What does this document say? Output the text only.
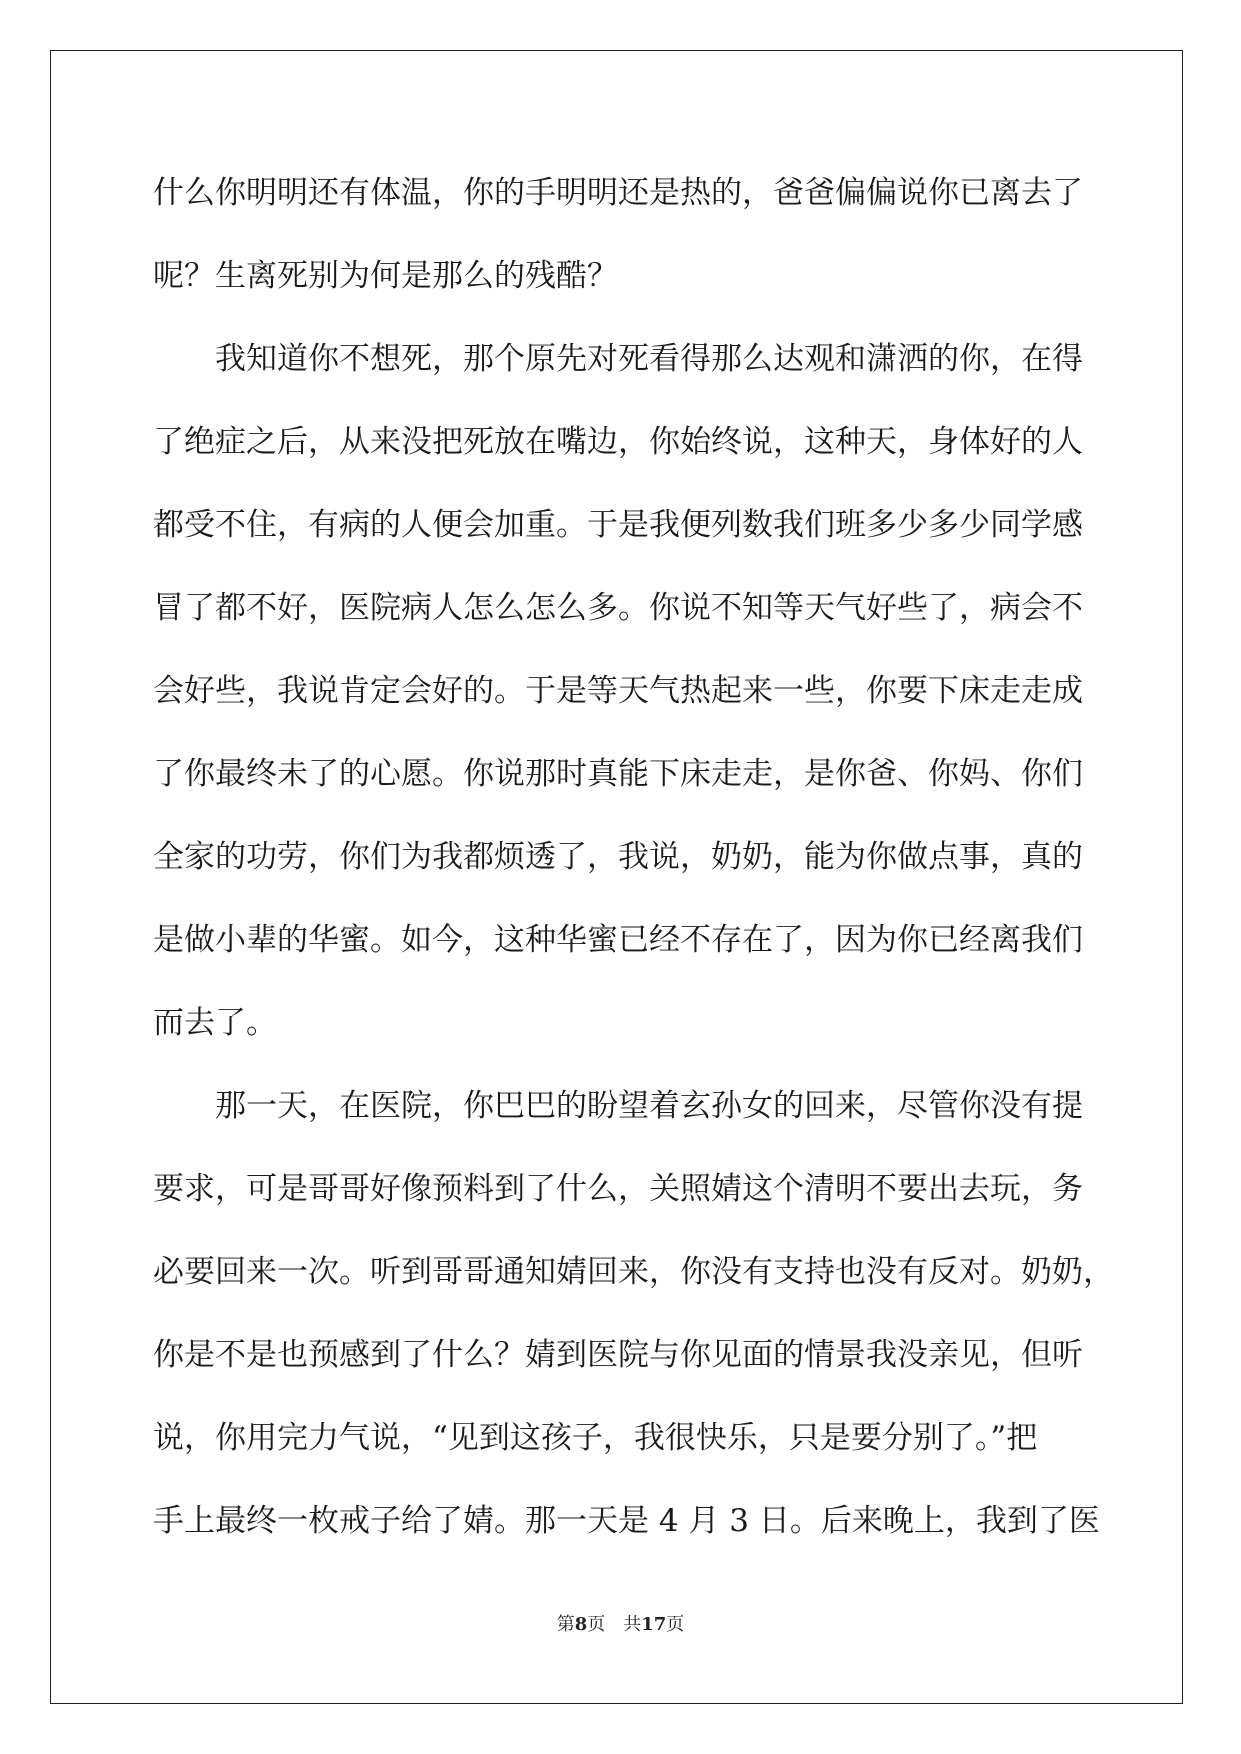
什么你明明还有体温，你的手明明还是热的，爸爸偏偏说你已离去了
呢？生离死别为何是那么的残酷？
我知道你不想死，那个原先对死看得那么达观和潇洒的你，在得
了绝症之后，从来没把死放在嘴边，你始终说，这种天，身体好的人
都受不住，有病的人便会加重。于是我便列数我们班多少多少同学感
冒了都不好，医院病人怎么怎么多。你说不知等天气好些了，病会不
会好些，我说肯定会好的。于是等天气热起来一些，你要下床走走成
了你最终未了的心愿。你说那时真能下床走走，是你爸、你妈、你们
全家的功劳，你们为我都烦透了，我说，奶奶，能为你做点事，真的
是做小辈的华蜜。如今，这种华蜜已经不存在了，因为你已经离我们
而去了。
那一天，在医院，你巴巴的盼望着玄孙女的回来，尽管你没有提
要求，可是哥哥好像预料到了什么，关照婧这个清明不要出去玩，务
必要回来一次。听到哥哥通知婧回来，你没有支持也没有反对。奶奶，
你是不是也预感到了什么？婧到医院与你见面的情景我没亲见，但听
说，你用完力气说，“见到这孩子，我很快乐，只是要分别了。”把
手上最终一枚戒子给了婧。那一天是 4 月 3 日。后来晚上，我到了医
第8页　共17页
